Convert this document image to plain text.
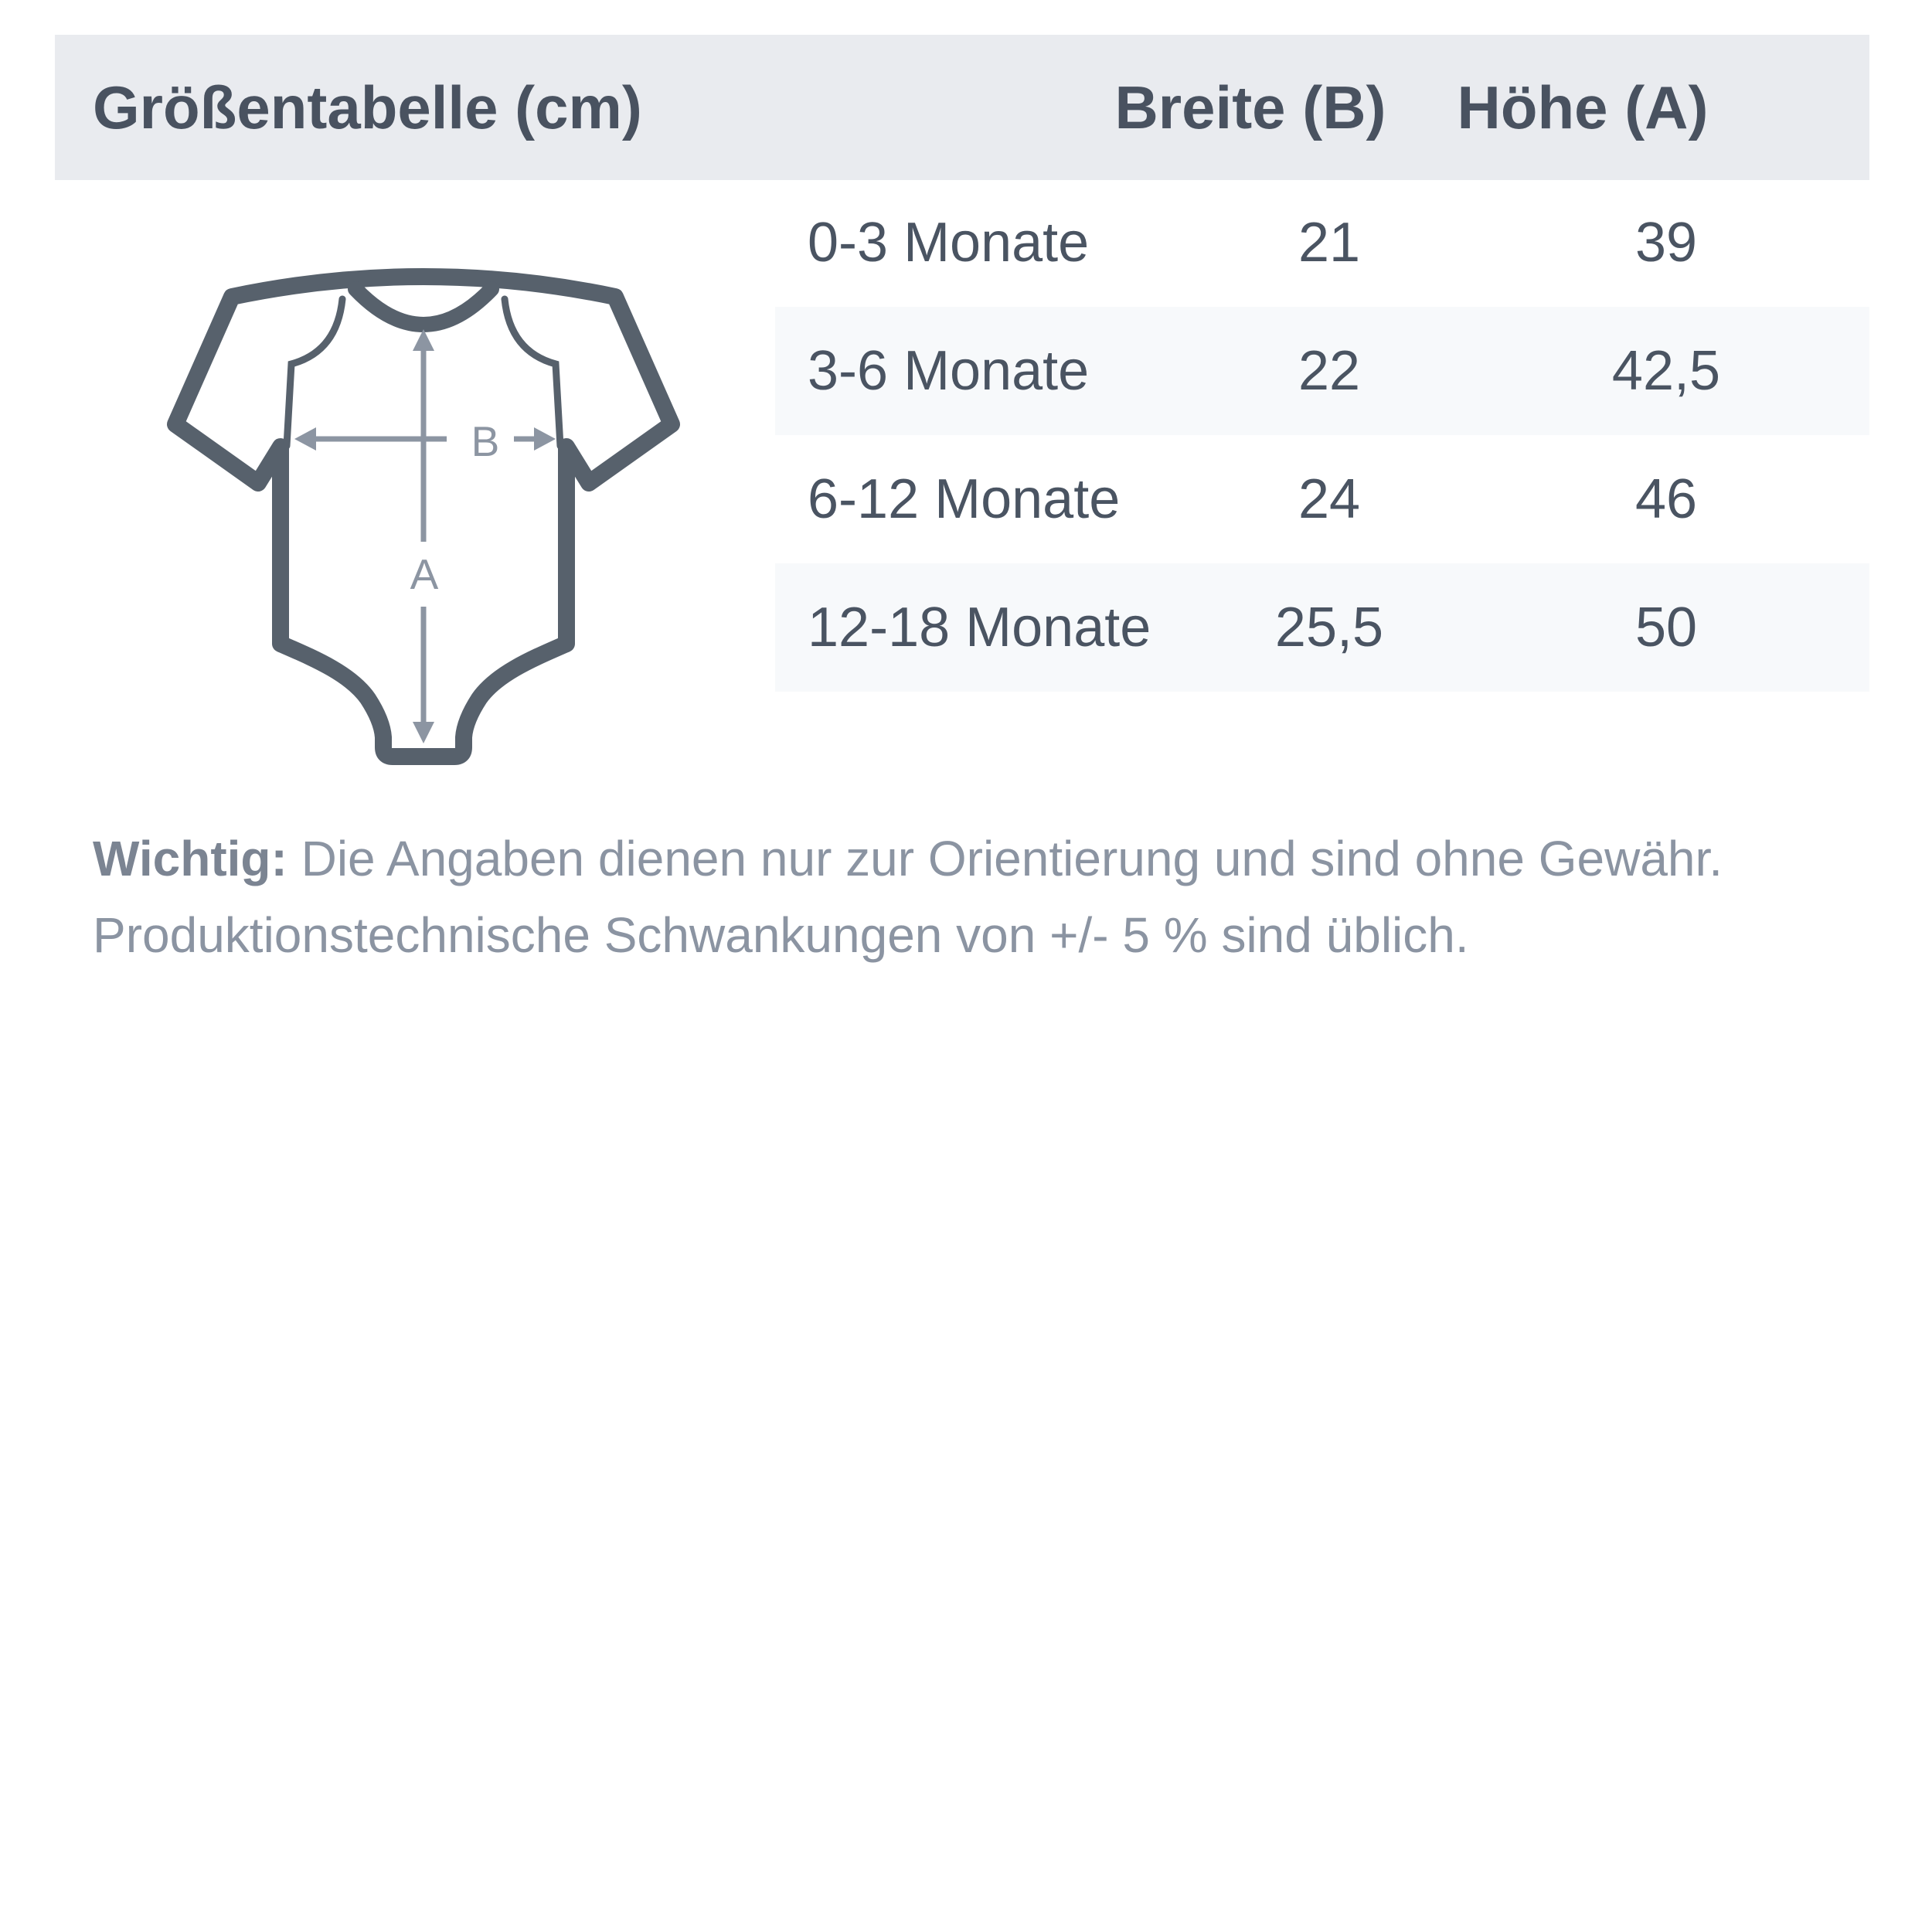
Größentabelle (cm)	Breite (B) Höhe (A)
0-3 Monate	21	39
3-6 Monate	22	42,5
6-12 Monate	24	46
12-18 Monate 25,5	50
A
B
Wichtig: Die Angaben dienen nur zur Orientierung und sind ohne Gewähr.
Produktionstechnische Schwankungen von +/- 5 % sind üblich.
